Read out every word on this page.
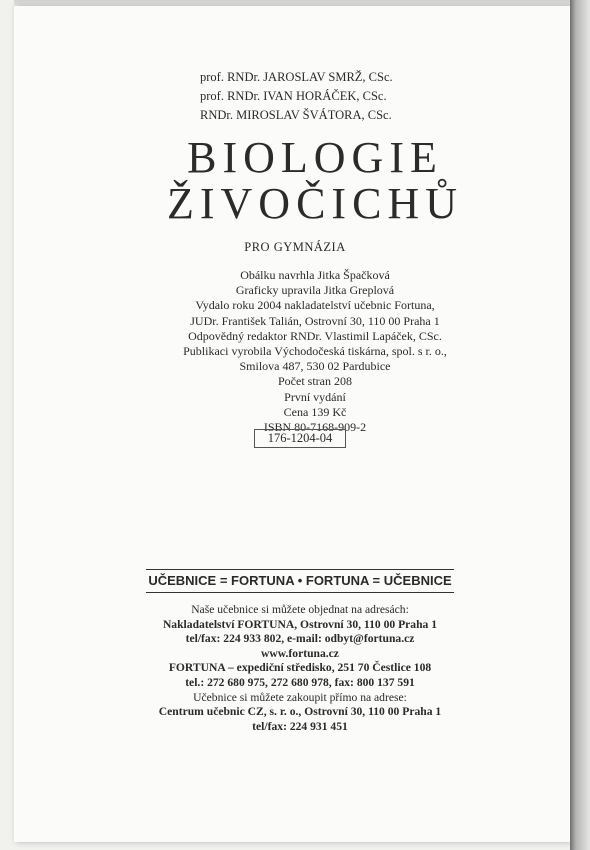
prof. RNDr. JAROSLAV SMRŽ, CSc.
prof. RNDr. IVAN HORÁČEK, CSc.
RNDr. MIROSLAV ŠVÁTORA, CSc.
BIOLOGIE
ŽIVOČICHŮ
PRO GYMNÁZIA
Obálku navrhla Jitka Špačková
Graficky upravila Jitka Greplová
Vydalo roku 2004 nakladatelství učebnic Fortuna,
JUDr. František Talián, Ostrovní 30, 110 00 Praha 1
Odpovědný redaktor RNDr. Vlastimil Lapáček, CSc.
Publikaci vyrobila Východočeská tiskárna, spol. s r. o.,
Smilova 487, 530 02 Pardubice
Počet stran 208
První vydání
Cena 139 Kč
ISBN 80-7168-909-2
176-1204-04
UČEBNICE = FORTUNA • FORTUNA = UČEBNICE
Naše učebnice si můžete objednat na adresách:
Nakladatelství FORTUNA, Ostrovní 30, 110 00 Praha 1
tel/fax: 224 933 802, e-mail: odbyt@fortuna.cz
www.fortuna.cz
FORTUNA – expediční středisko, 251 70 Čestlice 108
tel.: 272 680 975, 272 680 978, fax: 800 137 591
Učebnice si můžete zakoupit přímo na adrese:
Centrum učebnic CZ, s. r. o., Ostrovní 30, 110 00 Praha 1
tel/fax: 224 931 451
